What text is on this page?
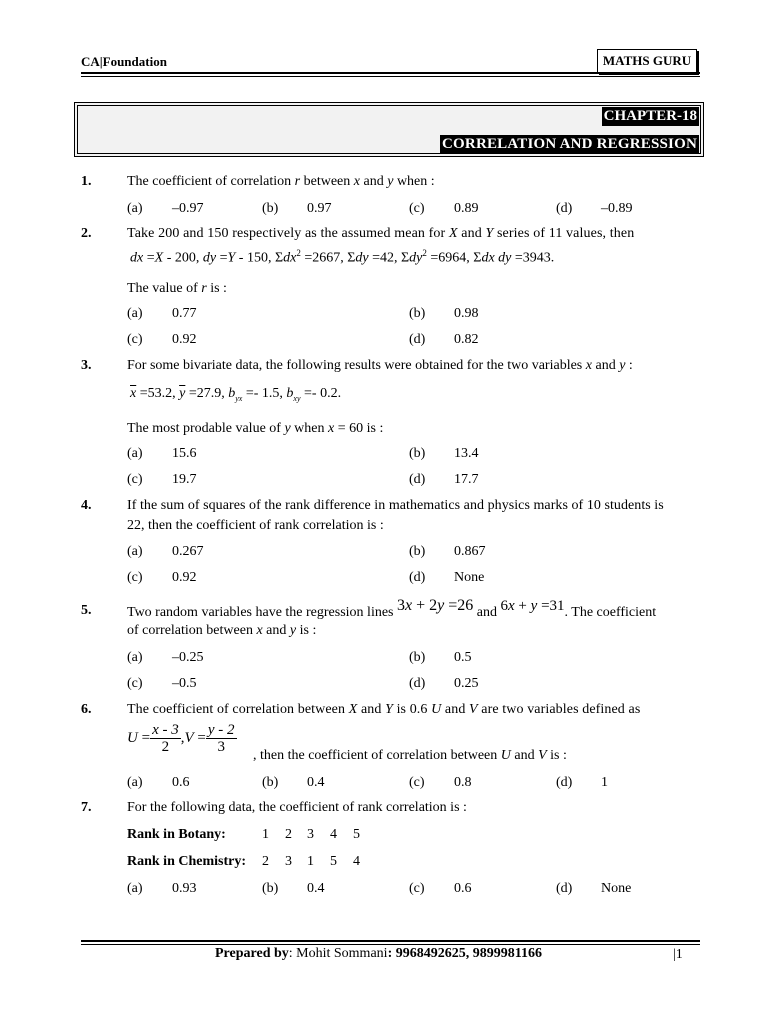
CA|Foundation	MATHS GURU
CHAPTER-18
CORRELATION AND REGRESSION
1.	The coefficient of correlation r between x and y when :
(a) –0.97	(b) 0.97	(c) 0.89	(d) –0.89
2.	Take 200 and 150 respectively as the assumed mean for X and Y series of 11 values, then
dx =X - 200, dy =Y - 150, Σdx$^2$ =2667, Σdy =42, Σdy$^2$ =6964, Σdx dy =3943.
The value of r is :
(a) 0.77	(b) 0.98
(c) 0.92	(d) 0.82
3.	For some bivariate data, the following results were obtained for the two variables x and y :
$\overline{x} =53.2$, $\overline{y} =27.9$, $b_{yx} =- 1.5$, $b_{xy} =- 0.2$.
The most prodable value of y when x = 60 is :
(a) 15.6	(b) 13.4
(c) 19.7	(d) 17.7
4.	If the sum of squares of the rank difference in mathematics and physics marks of 10 students is
22, then the coefficient of rank correlation is :
(a) 0.267	(b) 0.867
(c) 0.92	(d) None
5.	Two random variables have the regression lines 3x + 2y =26 and 6x + y =31. The coefficient
of correlation between x and y is :
(a) –0.25	(b) 0.5
(c) –0.5	(d) 0.25
6.	The coefficient of correlation between X and Y is 0.6 U and V are two variables defined as
$U = \frac{x - 3}{2} ,V = \frac{y - 2}{3}$
, then the coefficient of correlation between U and V is :
(a) 0.6	(b) 0.4	(c) 0.8	(d) 1
7.	For the following data, the coefficient of rank correlation is :
Rank in Botany:	1 2 3 4 5
Rank in Chemistry: 2 3 1 5 4
(a) 0.93	(b) 0.4	(c) 0.6	(d) None
Prepared by: Mohit Sommani: 9968492625, 9899981166	|1
